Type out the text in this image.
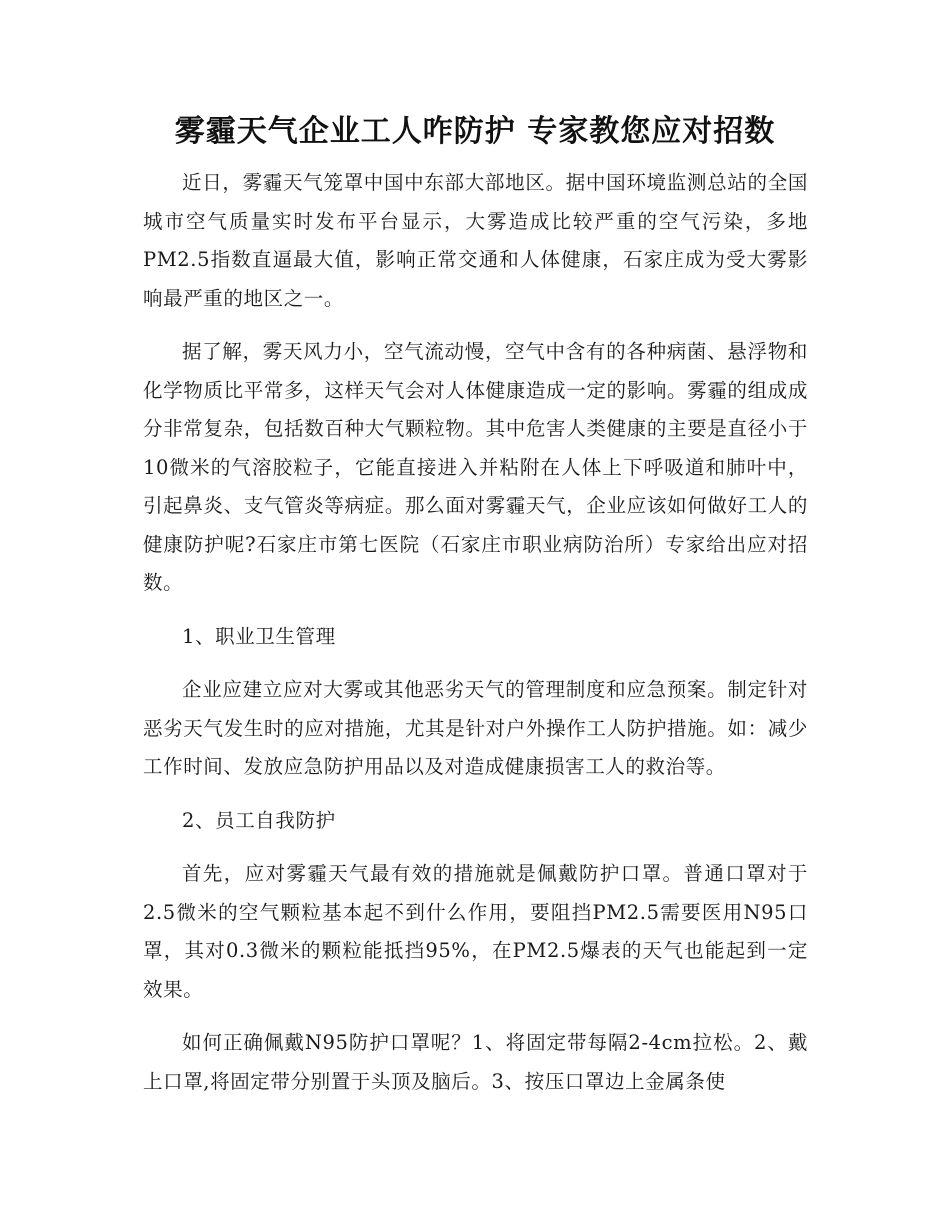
雾霾天气企业工人咋防护 专家教您应对招数

近日，雾霾天气笼罩中国中东部大部地区。据中国环境监测总站的全国城市空气质量实时发布平台显示，大雾造成比较严重的空气污染，多地PM2.5指数直逼最大值，影响正常交通和人体健康，石家庄成为受大雾影响最严重的地区之一。

据了解，雾天风力小，空气流动慢，空气中含有的各种病菌、悬浮物和化学物质比平常多，这样天气会对人体健康造成一定的影响。雾霾的组成成分非常复杂，包括数百种大气颗粒物。其中危害人类健康的主要是直径小于10微米的气溶胶粒子，它能直接进入并粘附在人体上下呼吸道和肺叶中，引起鼻炎、支气管炎等病症。那么面对雾霾天气，企业应该如何做好工人的健康防护呢?石家庄市第七医院（石家庄市职业病防治所）专家给出应对招数。

1、职业卫生管理

企业应建立应对大雾或其他恶劣天气的管理制度和应急预案。制定针对恶劣天气发生时的应对措施，尤其是针对户外操作工人防护措施。如：减少工作时间、发放应急防护用品以及对造成健康损害工人的救治等。

2、员工自我防护

首先，应对雾霾天气最有效的措施就是佩戴防护口罩。普通口罩对于2.5微米的空气颗粒基本起不到什么作用，要阻挡PM2.5需要医用N95口罩，其对0.3微米的颗粒能抵挡95%，在PM2.5爆表的天气也能起到一定效果。

如何正确佩戴N95防护口罩呢？1、将固定带每隔2-4cm拉松。2、戴上口罩,将固定带分别置于头顶及脑后。3、按压口罩边上金属条使
